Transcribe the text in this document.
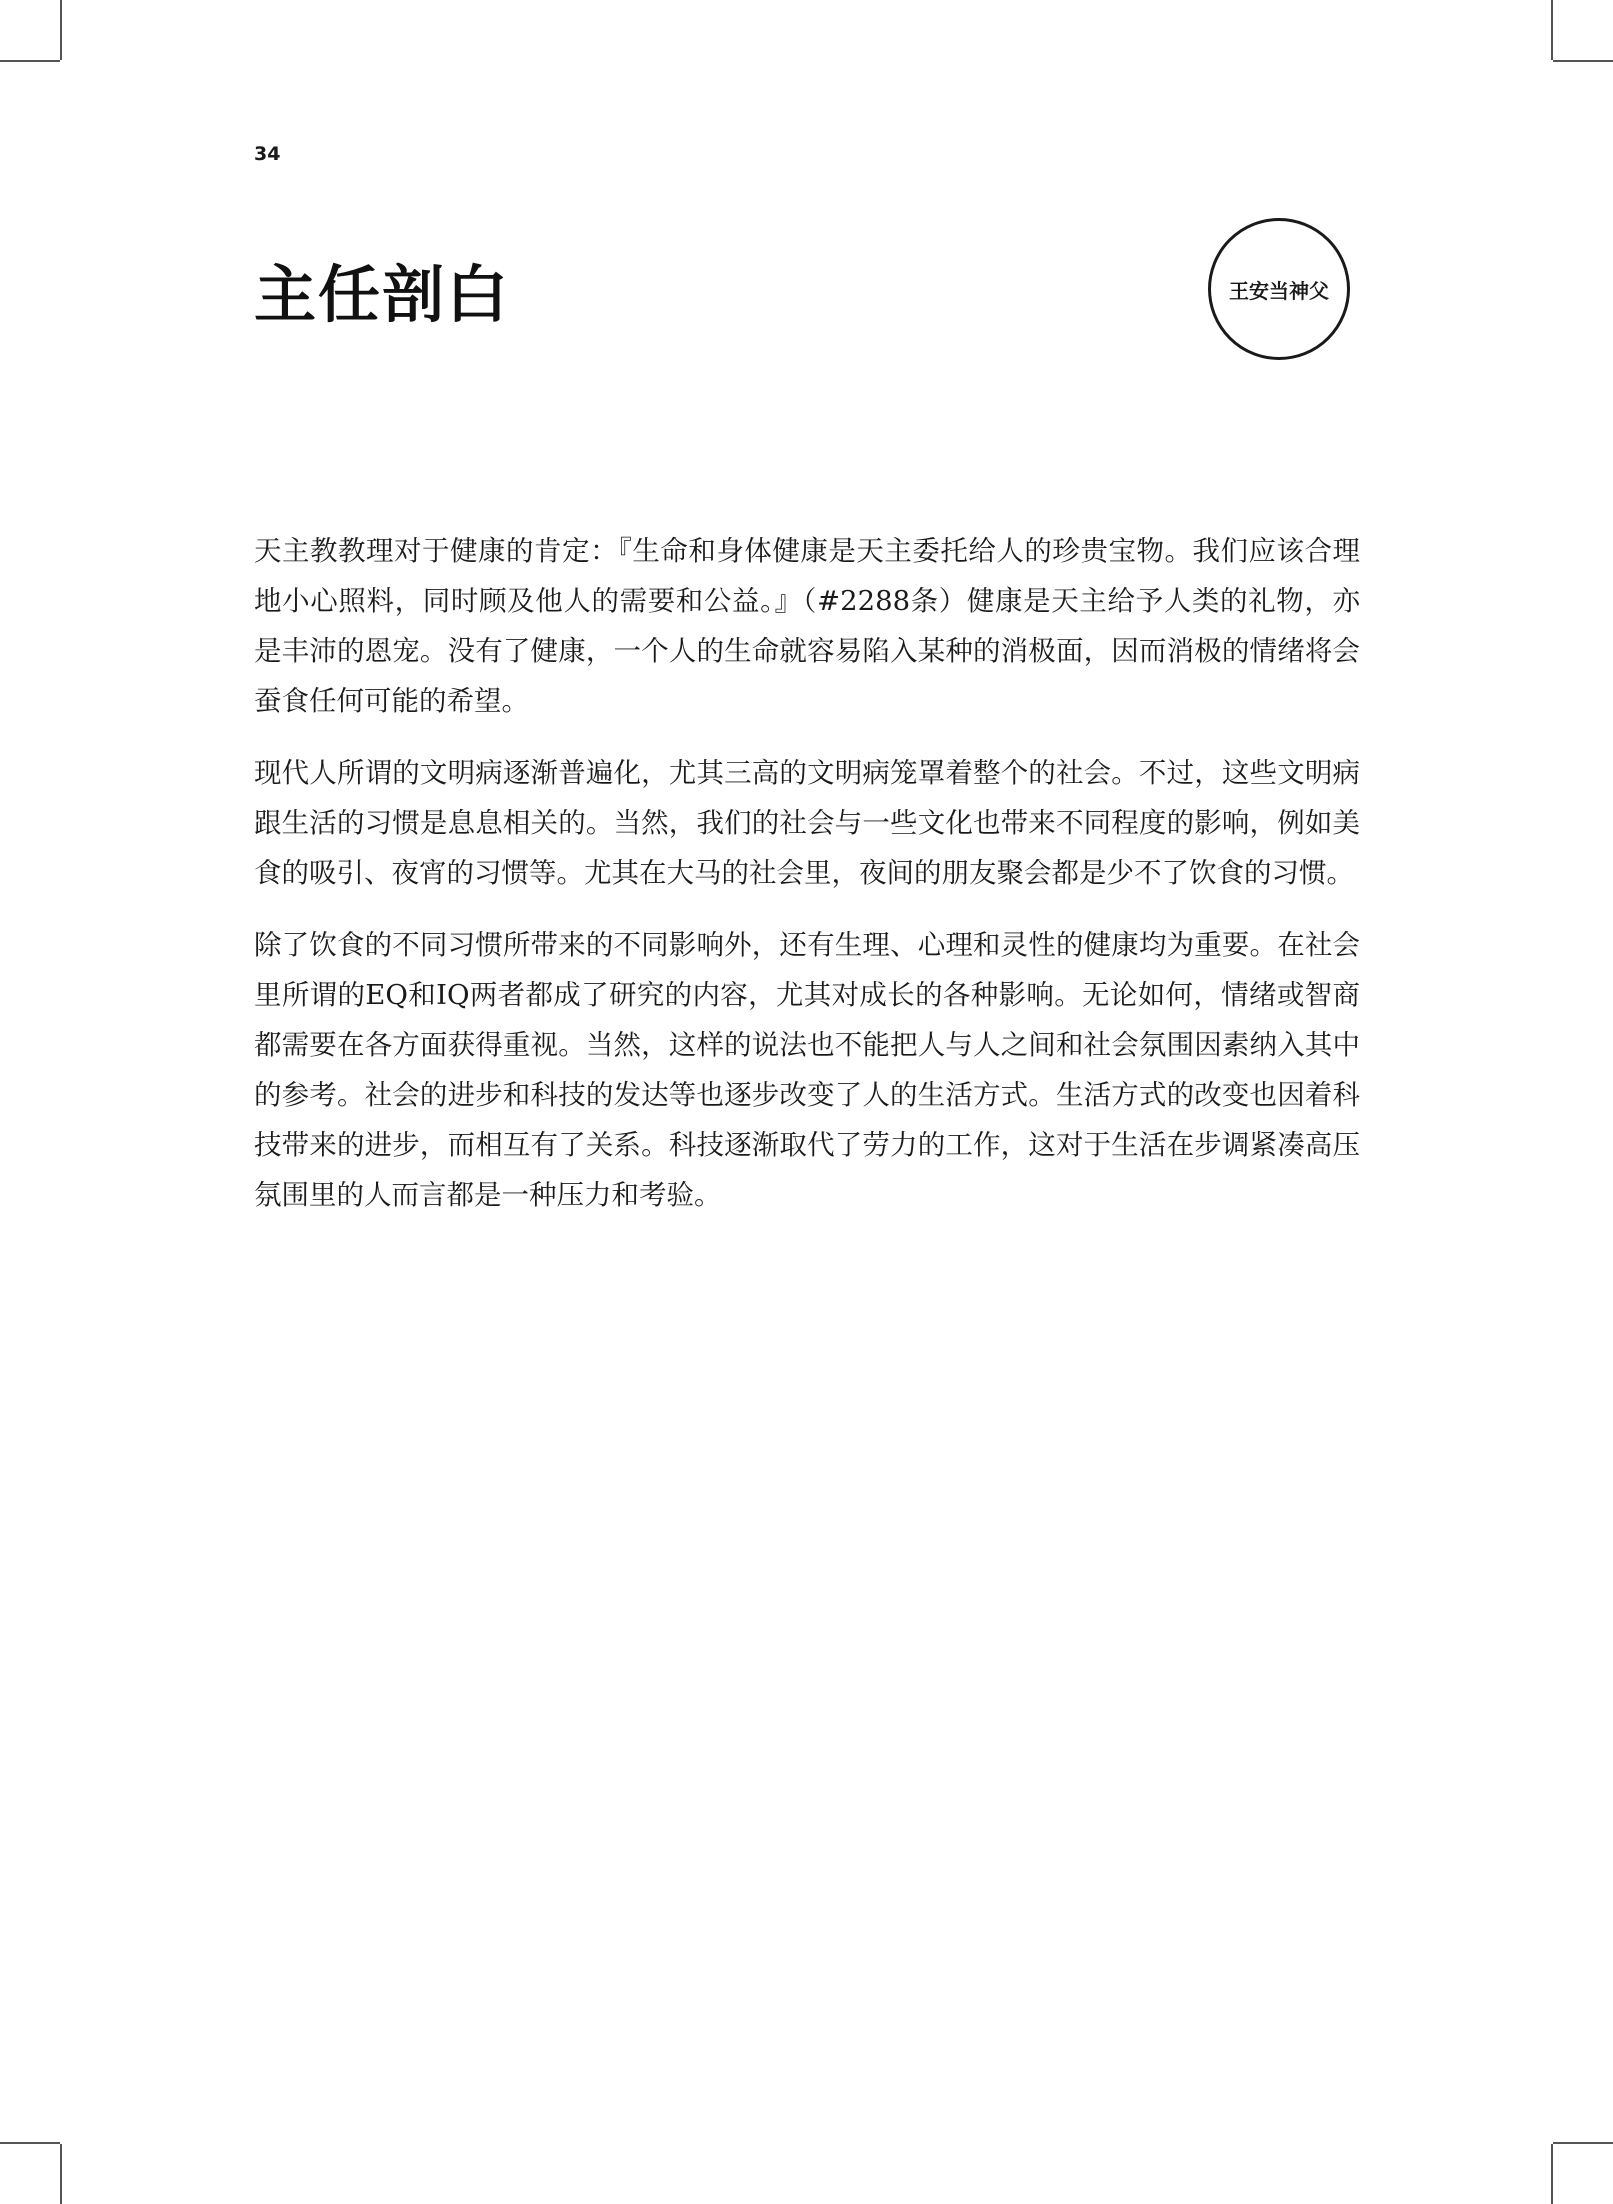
34
主任剖白	王安当神父

天主教教理对于健康的肯定：『生命和身体健康是天主委托给人的珍贵宝物。我们应该合理地小心照料，同时顾及他人的需要和公益。』（#2288条）健康是天主给予人类的礼物，亦是丰沛的恩宠。没有了健康，一个人的生命就容易陷入某种的消极面，因而消极的情绪将会蚕食任何可能的希望。

现代人所谓的文明病逐渐普遍化，尤其三高的文明病笼罩着整个的社会。不过，这些文明病跟生活的习惯是息息相关的。当然，我们的社会与一些文化也带来不同程度的影响，例如美食的吸引、夜宵的习惯等。尤其在大马的社会里，夜间的朋友聚会都是少不了饮食的习惯。

除了饮食的不同习惯所带来的不同影响外，还有生理、心理和灵性的健康均为重要。在社会里所谓的EQ和IQ两者都成了研究的内容，尤其对成长的各种影响。无论如何，情绪或智商都需要在各方面获得重视。当然，这样的说法也不能把人与人之间和社会氛围因素纳入其中的参考。社会的进步和科技的发达等也逐步改变了人的生活方式。生活方式的改变也因着科技带来的进步，而相互有了关系。科技逐渐取代了劳力的工作，这对于生活在步调紧凑高压氛围里的人而言都是一种压力和考验。
